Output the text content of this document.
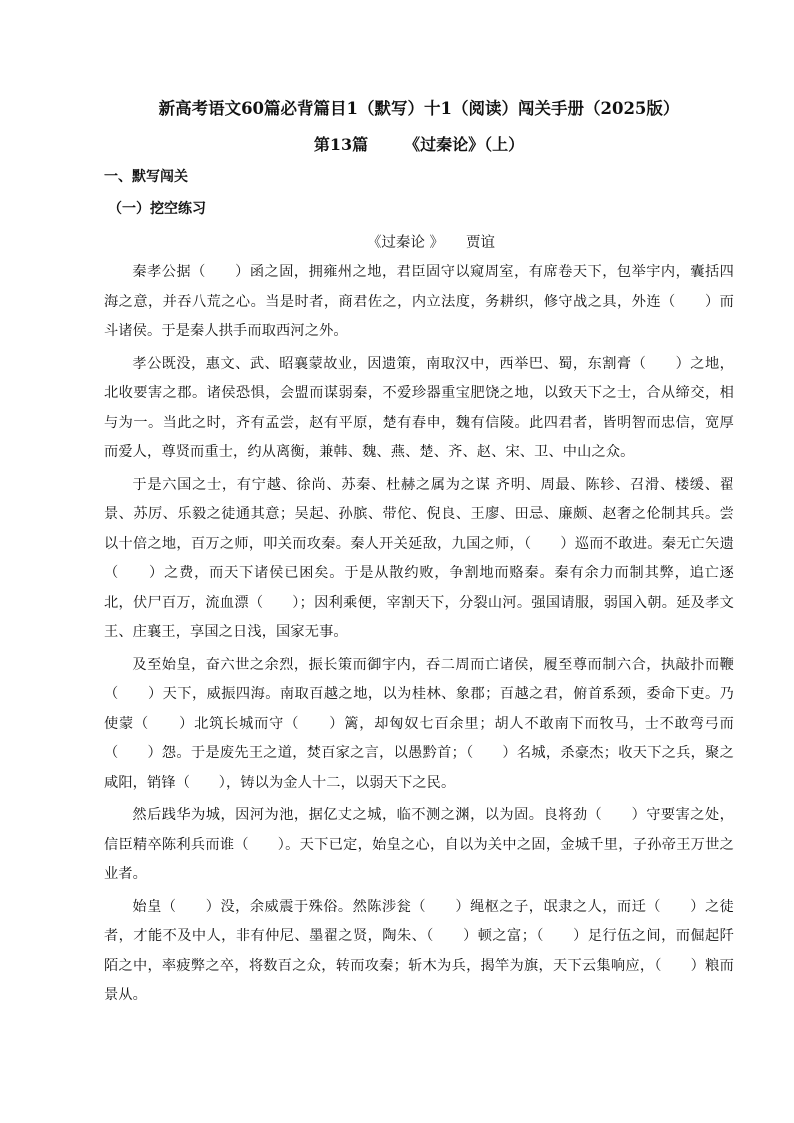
新高考语文60篇必背篇目1（默写）十1（阅读）闯关手册（2025版）
第13篇 《过秦论》（上）
一、默写闯关
（一）挖空练习
《过秦论 》 贾谊

秦孝公据（　　）函之固，拥雍州之地，君臣固守以窥周室，有席卷天下，包举宇内，囊括四海之意，并吞八荒之心。当是时者，商君佐之，内立法度，务耕织，修守战之具，外连（　　）而斗诸侯。于是秦人拱手而取西河之外。

孝公既没，惠文、武、昭襄蒙故业，因遗策，南取汉中，西举巴、蜀，东割膏（　　）之地，北收要害之郡。诸侯恐惧，会盟而谋弱秦，不爱珍器重宝肥饶之地，以致天下之士，合从缔交，相与为一。当此之时，齐有孟尝，赵有平原，楚有春申，魏有信陵。此四君者，皆明智而忠信，宽厚而爱人，尊贤而重士，约从离衡，兼韩、魏、燕、楚、齐、赵、宋、卫、中山之众。

于是六国之士，有宁越、徐尚、苏秦、杜赫之属为之谋 齐明、周最、陈轸、召滑、楼缓、翟景、苏厉、乐毅之徒通其意；吴起、孙膑、带佗、倪良、王廖、田忌、廉颇、赵奢之伦制其兵。尝以十倍之地，百万之师，叩关而攻秦。秦人开关延敌，九国之师，（　　）巡而不敢进。秦无亡矢遗（　　）之费，而天下诸侯已困矣。于是从散约败，争割地而赂秦。秦有余力而制其弊，追亡逐北，伏尸百万，流血漂（　　）；因利乘便，宰割天下，分裂山河。强国请服，弱国入朝。延及孝文王、庄襄王，享国之日浅，国家无事。

及至始皇，奋六世之余烈，振长策而御宇内，吞二周而亡诸侯，履至尊而制六合，执敲扑而鞭（　　）天下，威振四海。南取百越之地，以为桂林、象郡；百越之君，俯首系颈，委命下吏。乃使蒙（　　）北筑长城而守（　　）篱，却匈奴七百余里；胡人不敢南下而牧马，士不敢弯弓而（　　）怨。于是废先王之道，焚百家之言，以愚黔首；（　　）名城，杀豪杰；收天下之兵，聚之咸阳，销锋（　　），铸以为金人十二，以弱天下之民。

然后践华为城，因河为池，据亿丈之城，临不测之渊，以为固。良将劲（　　）守要害之处，信臣精卒陈利兵而谁（　　）。天下已定，始皇之心，自以为关中之固，金城千里，子孙帝王万世之业者。

始皇（　　）没，余威震于殊俗。然陈涉瓮（　　）绳枢之子，氓隶之人，而迁（　　）之徒者，才能不及中人，非有仲尼、墨翟之贤，陶朱、（　　）顿之富；（　　）足行伍之间，而倔起阡陌之中，率疲弊之卒，将数百之众，转而攻秦；斩木为兵，揭竿为旗，天下云集响应，（　　）粮而景从。
